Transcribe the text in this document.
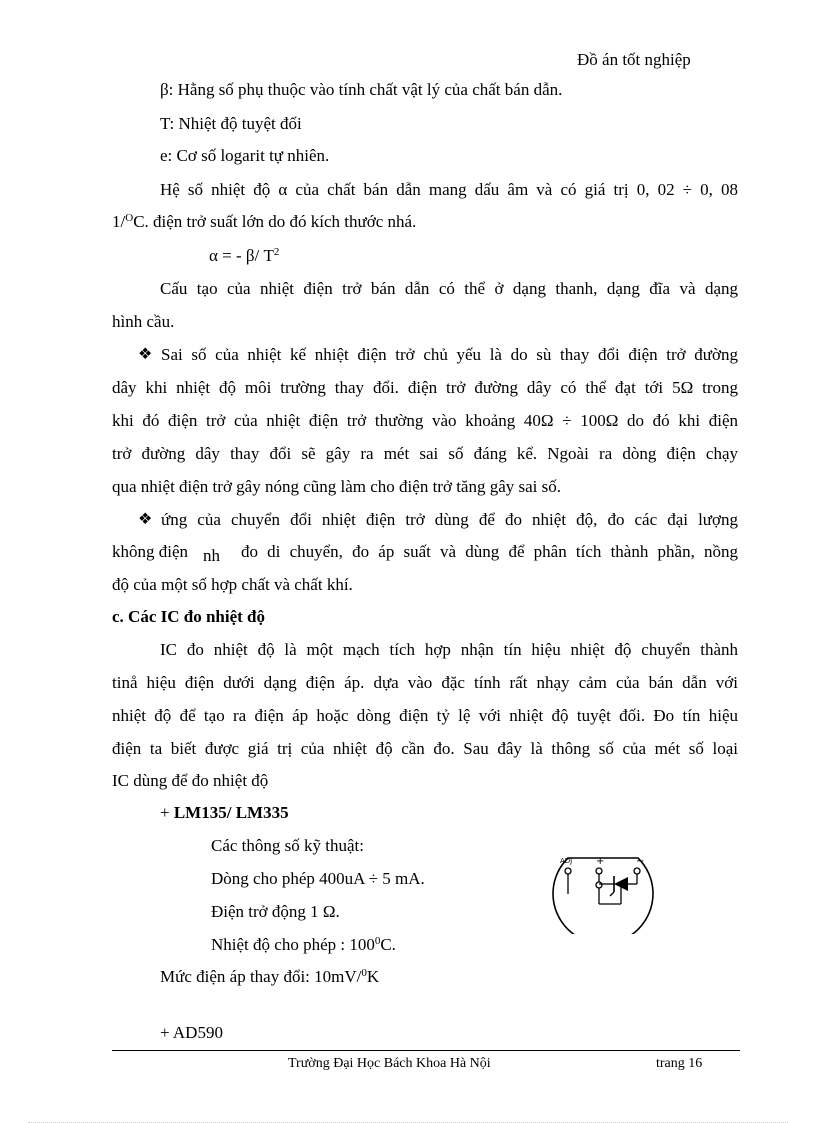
Đồ án tốt nghiệp
β: Hằng số phụ thuộc vào tính chất vật lý của chất bán dẫn.
T: Nhiệt độ tuyệt đối
e: Cơ số logarit tự nhiên.
Hệ số nhiệt độ α của chất bán dẫn mang dấu âm và có giá trị 0, 02 ÷ 0, 08
1/$^O$C. điện trở suất lớn do đó kích thước nhá.
α = - β/ $T^2$
Cấu tạo của nhiệt điện trở bán dẫn có thể ở dạng thanh, dạng đĩa và dạng
hình cầu.
❖ Sai số của nhiệt kế nhiệt điện trở chủ yếu là do sù thay đổi điện trở đường
dây khi nhiệt độ môi trường thay đổi. điện trở đường dây có thể đạt tới 5Ω trong
khi đó điện trở của nhiệt điện trở thường vào khoảng 40Ω ÷ 100Ω do đó khi điện
trở đường dây thay đổi sẽ gây ra mét sai số đáng kể. Ngoài ra dòng điện chạy
qua nhiệt điện trở gây nóng cũng làm cho điện trở tăng gây sai số.
❖ ứng của chuyển đổi nhiệt điện trở dùng để đo nhiệt độ, đo các đại lượng
không điện nh đo di chuyển, đo áp suất và dùng để phân tích thành phần, nồng
độ của một số hợp chất và chất khí.
c. Các IC đo nhiệt độ
IC đo nhiệt độ là một mạch tích hợp nhận tín hiệu nhiệt độ chuyển thành
tinå hiệu điện dưới dạng điện áp. dựa vào đặc tính rất nhạy cảm của bán dẫn với
nhiệt độ để tạo ra điện áp hoặc dòng điện tỷ lệ với nhiệt độ tuyệt đối. Đo tín hiệu
điện ta biết được giá trị của nhiệt độ cần đo. Sau đây là thông số của mét số loại
IC dùng để đo nhiệt độ
+ LM135/ LM335
Các thông số kỹ thuật:
Dòng cho phép 400uA ÷ 5 mA.
Điện trở động 1 Ω.
Nhiệt độ cho phép : $100^0C$.
Mức điện áp thay đổi: 10mV/$^0$K
+ AD590
ADJ +	−
Trường Đại Học Bách Khoa Hà Nội	trang 16
